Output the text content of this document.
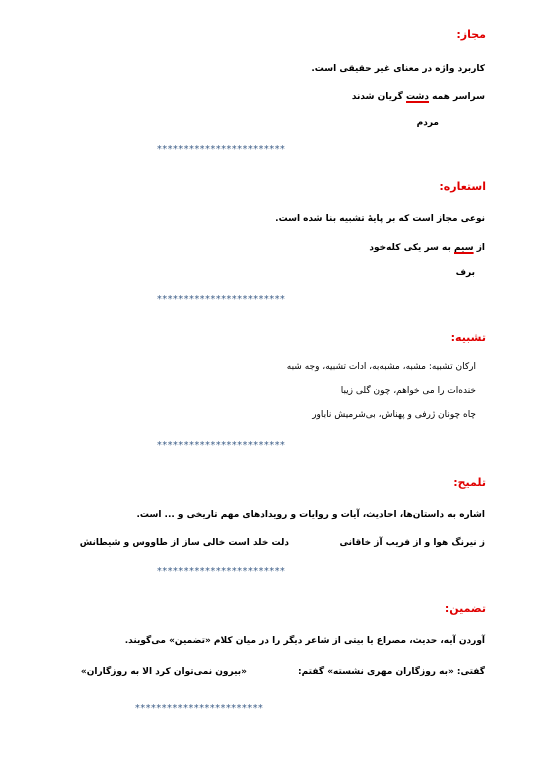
مجاز:
کاربرد واژه در معنای غیر حقیقی است.
سراسر همه دشت گریان شدند
مردم
************************
استعاره:
نوعی مجاز است که بر پایهٔ تشبیه بنا شده است.
از سیم به سر یکی کله‌خود
برف
************************
تشبیه:
ارکان تشبیه: مشبه، مشبه‌به، ادات تشبیه، وجه شبه
خنده‌ات را می خواهم، چون گلی زیبا
چاه چونان ژرفی و پهناش، بی‌شرمیش ناباور
************************
تلمیح:
اشاره به داستان‌ها، احادیث، آیات و روایات و رویدادهای مهم تاریخی و ... است.
ز نیرنگ هوا و از فریب آز خاقانی
دلت خلد است خالی ساز از طاووس و شیطانش
************************
تضمین:
آوردن آیه، حدیث، مصراع یا بیتی از شاعر دیگر را در میان کلام «تضمین» می‌گویند.
گفتی: «به روزگاران مهری نشسته» گفتم:
«بیرون نمی‌توان کرد الا به روزگاران»
************************
